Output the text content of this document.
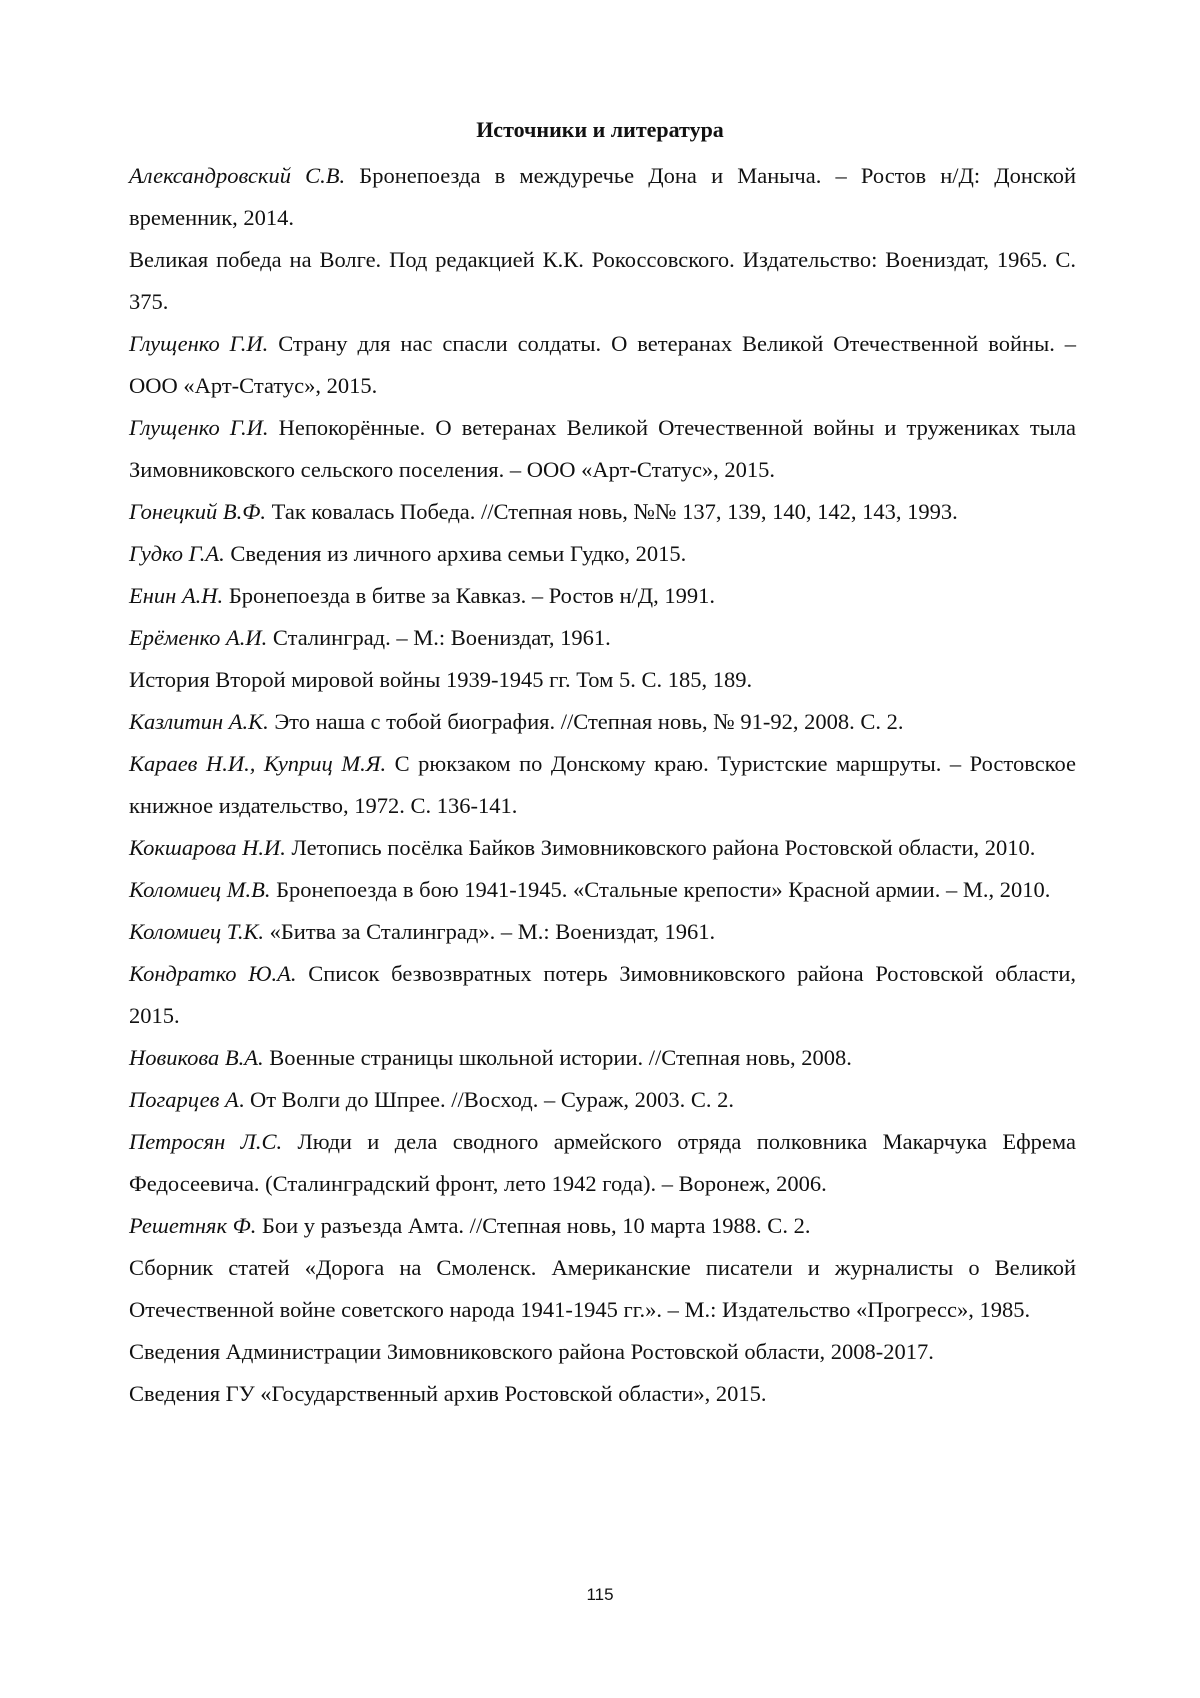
Источники и литература

Александровский С.В. Бронепоезда в междуречье Дона и Маныча. – Ростов н/Д: Донской временник, 2014.

Великая победа на Волге. Под редакцией К.К. Рокоссовского. Издательство: Воениздат, 1965. С. 375.

Глущенко Г.И. Страну для нас спасли солдаты. О ветеранах Великой Отечественной войны. – ООО «Арт-Статус», 2015.

Глущенко Г.И. Непокорённые. О ветеранах Великой Отечественной войны и тружениках тыла Зимовниковского сельского поселения. – ООО «Арт-Статус», 2015.

Гонецкий В.Ф. Так ковалась Победа. //Степная новь, №№ 137, 139, 140, 142, 143, 1993.

Гудко Г.А. Сведения из личного архива семьи Гудко, 2015.

Енин А.Н. Бронепоезда в битве за Кавказ. – Ростов н/Д, 1991.

Ерёменко А.И. Сталинград. – М.: Воениздат, 1961.

История Второй мировой войны 1939-1945 гг. Том 5. С. 185, 189.

Казлитин А.К. Это наша с тобой биография. //Степная новь, № 91-92, 2008. С. 2.

Караев Н.И., Куприц М.Я. С рюкзаком по Донскому краю. Туристские маршруты. – Ростовское книжное издательство, 1972. С. 136-141.

Кокшарова Н.И. Летопись посёлка Байков Зимовниковского района Ростовской области, 2010.

Коломиец М.В. Бронепоезда в бою 1941-1945. «Стальные крепости» Красной армии. – М., 2010.

Коломиец Т.К. «Битва за Сталинград». – М.: Воениздат, 1961.

Кондратко Ю.А. Список безвозвратных потерь Зимовниковского района Ростовской области, 2015.

Новикова В.А. Военные страницы школьной истории. //Степная новь, 2008.

Погарцев А. От Волги до Шпрее. //Восход. – Сураж, 2003. С. 2.

Петросян Л.С. Люди и дела сводного армейского отряда полковника Макарчука Ефрема Федосеевича. (Сталинградский фронт, лето 1942 года). – Воронеж, 2006.

Решетняк Ф. Бои у разъезда Амта. //Степная новь, 10 марта 1988. С. 2.

Сборник статей «Дорога на Смоленск. Американские писатели и журналисты о Великой Отечественной войне советского народа 1941-1945 гг.». – М.: Издательство «Прогресс», 1985.

Сведения Администрации Зимовниковского района Ростовской области, 2008-2017.

Сведения ГУ «Государственный архив Ростовской области», 2015.

115
